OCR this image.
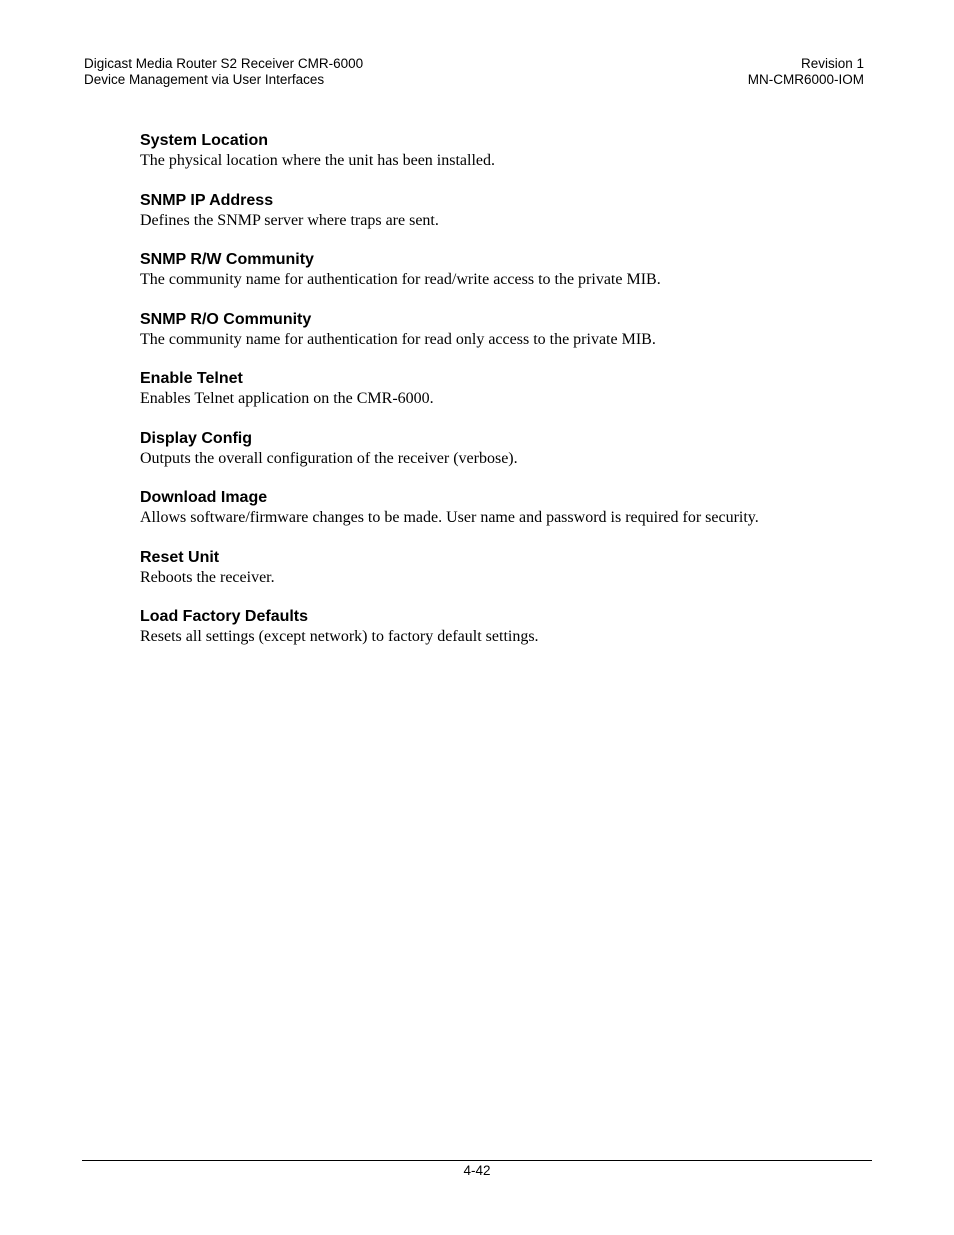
Digicast Media Router S2 Receiver CMR-6000
Device Management via User Interfaces
Revision 1
MN-CMR6000-IOM
System Location
The physical location where the unit has been installed.
SNMP IP Address
Defines the SNMP server where traps are sent.
SNMP R/W Community
The community name for authentication for read/write access to the private MIB.
SNMP R/O Community
The community name for authentication for read only access to the private MIB.
Enable Telnet
Enables Telnet application on the CMR-6000.
Display Config
Outputs the overall configuration of the receiver (verbose).
Download Image
Allows software/firmware changes to be made. User name and password is required for security.
Reset Unit
Reboots the receiver.
Load Factory Defaults
Resets all settings (except network) to factory default settings.
4-42
